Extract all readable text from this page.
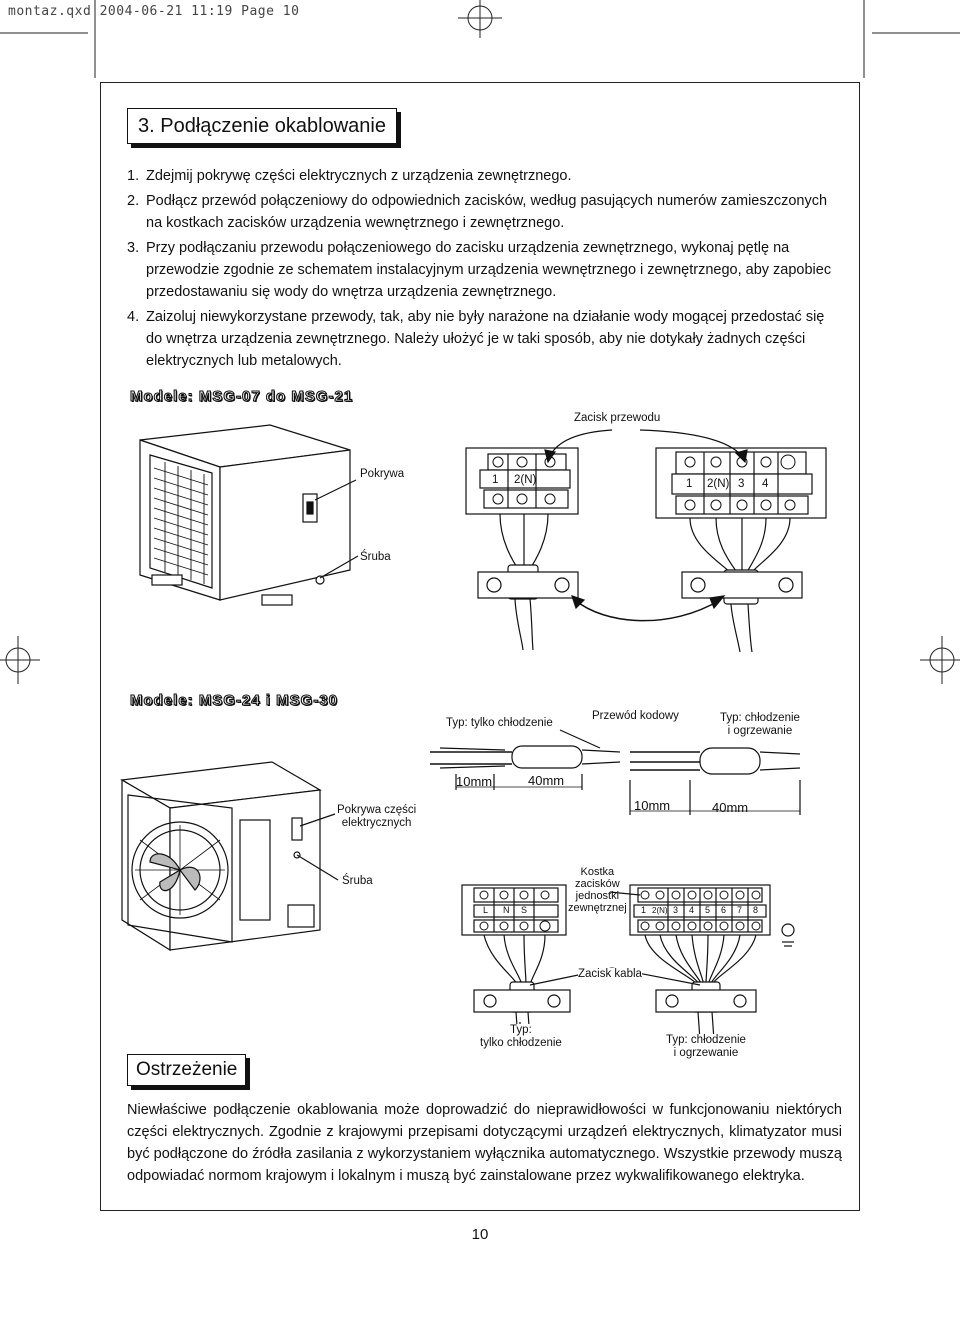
montaz.qxd 2004-06-21 11:19 Page 10
3. Podłączenie okablowanie
1. Zdejmij pokrywę części elektrycznych z urządzenia zewnętrznego.
2. Podłącz przewód połączeniowy do odpowiednich zacisków, według pasujących numerów zamieszczonych na kostkach zacisków urządzenia wewnętrznego i zewnętrznego.
3. Przy podłączaniu przewodu połączeniowego do zacisku urządzenia zewnętrznego, wykonaj pętlę na przewodzie zgodnie ze schematem instalacyjnym urządzenia wewnętrznego i zewnętrznego, aby zapobiec przedostawaniu się wody do wnętrza urządzenia zewnętrznego.
4. Zaizoluj niewykorzystane przewody, tak, aby nie były narażone na działanie wody mogącej przedostać się do wnętrza urządzenia zewnętrznego. Należy ułożyć je w taki sposób, aby nie dotykały żadnych części elektrycznych lub metalowych.
Modele: MSG-07 do MSG-21
Zacisk przewodu
Pokrywa
Śruba
1 2(N)	1 2(N) 3 4
Modele: MSG-24 i MSG-30
Typ: tylko chłodzenie
Przewód kodowy	Typ: chłodzenie
i ogrzewanie
10mm	40mm
10mm	40mm
Pokrywa części
elektrycznych
Śruba
Kostka
zacisków
jednostki
zewnętrznej
L N S	1 2(N) 3 4 5 6 7 8
Zacisk kabla
Typ:
tylko chłodzenie	Typ: chłodzenie
i ogrzewanie
Ostrzeżenie
Niewłaściwe podłączenie okablowania może doprowadzić do nieprawidłowości w funkcjonowaniu niektórych części elektrycznych. Zgodnie z krajowymi przepisami dotyczącymi urządzeń elektrycznych, klimatyzator musi być podłączone do źródła zasilania z wykorzystaniem wyłącznika automatycznego. Wszystkie przewody muszą odpowiadać normom krajowym i lokalnym i muszą być zainstalowane przez wykwalifikowanego elektryka.
10
